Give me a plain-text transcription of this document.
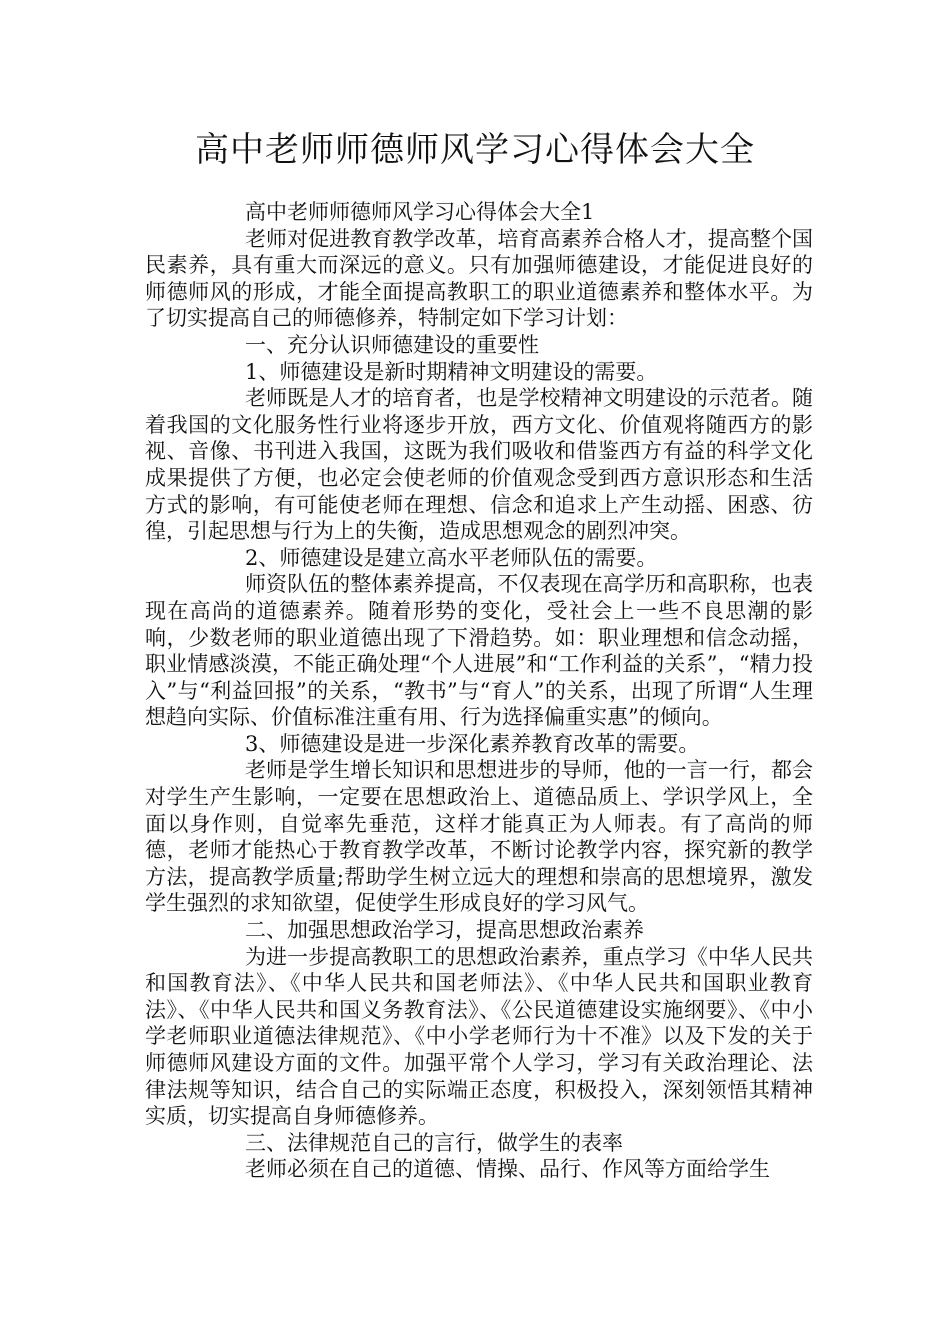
高中老师师德师风学习心得体会大全

高中老师师德师风学习心得体会大全1

老师对促进教育教学改革，培育高素养合格人才，提高整个国民素养，具有重大而深远的意义。只有加强师德建设，才能促进良好的师德师风的形成，才能全面提高教职工的职业道德素养和整体水平。为了切实提高自己的师德修养，特制定如下学习计划：

一、充分认识师德建设的重要性

1、师德建设是新时期精神文明建设的需要。

老师既是人才的培育者，也是学校精神文明建设的示范者。随着我国的文化服务性行业将逐步开放，西方文化、价值观将随西方的影视、音像、书刊进入我国，这既为我们吸收和借鉴西方有益的科学文化成果提供了方便，也必定会使老师的价值观念受到西方意识形态和生活方式的影响，有可能使老师在理想、信念和追求上产生动摇、困惑、彷徨，引起思想与行为上的失衡，造成思想观念的剧烈冲突。

2、师德建设是建立高水平老师队伍的需要。

师资队伍的整体素养提高，不仅表现在高学历和高职称，也表现在高尚的道德素养。随着形势的变化，受社会上一些不良思潮的影响，少数老师的职业道德出现了下滑趋势。如：职业理想和信念动摇，职业情感淡漠，不能正确处理“个人进展”和“工作利益的关系”，“精力投入”与“利益回报”的关系，“教书”与“育人”的关系，出现了所谓“人生理想趋向实际、价值标准注重有用、行为选择偏重实惠”的倾向。

3、师德建设是进一步深化素养教育改革的需要。

老师是学生增长知识和思想进步的导师，他的一言一行，都会对学生产生影响，一定要在思想政治上、道德品质上、学识学风上，全面以身作则，自觉率先垂范，这样才能真正为人师表。有了高尚的师德，老师才能热心于教育教学改革，不断讨论教学内容，探究新的教学方法，提高教学质量;帮助学生树立远大的理想和崇高的思想境界，激发学生强烈的求知欲望，促使学生形成良好的学习风气。

二、加强思想政治学习，提高思想政治素养

为进一步提高教职工的思想政治素养，重点学习《中华人民共和国教育法》、《中华人民共和国老师法》、《中华人民共和国职业教育法》、《中华人民共和国义务教育法》、《公民道德建设实施纲要》、《中小学老师职业道德法律规范》、《中小学老师行为十不准》以及下发的关于师德师风建设方面的文件。加强平常个人学习，学习有关政治理论、法律法规等知识，结合自己的实际端正态度，积极投入，深刻领悟其精神实质，切实提高自身师德修养。

三、法律规范自己的言行，做学生的表率

老师必须在自己的道德、情操、品行、作风等方面给学生
